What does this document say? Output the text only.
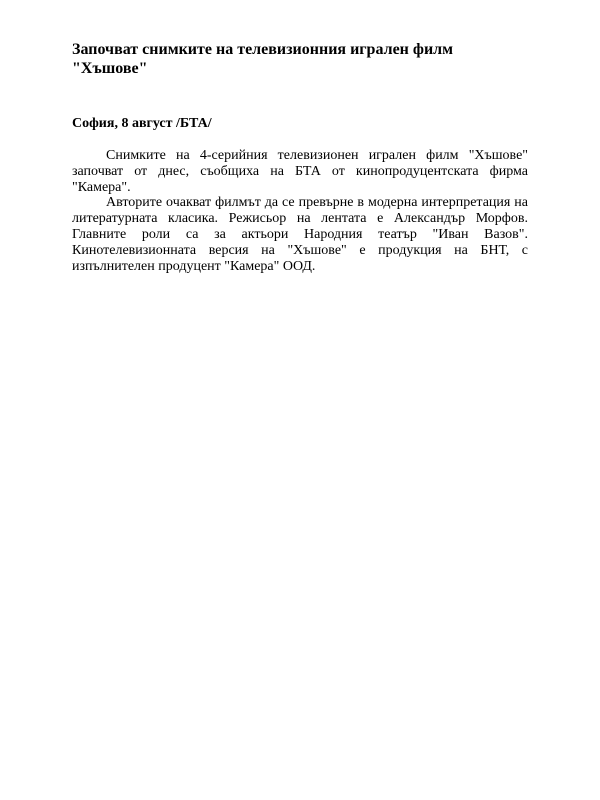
Започват снимките на телевизионния игрален филм "Хъшове"

София, 8 август /БТА/

Снимките на 4-серийния телевизионен игрален филм "Хъшове" започват от днес, съобщиха на БТА от кинопродуцентската фирма "Камера".

Авторите очакват филмът да се превърне в модерна интерпретация на литературната класика. Режисьор на лентата е Александър Морфов. Главните роли са за актьори Народния театър "Иван Вазов". Кинотелевизионната версия на "Хъшове" е продукция на БНТ, с изпълнителен продуцент "Камера" ООД.
